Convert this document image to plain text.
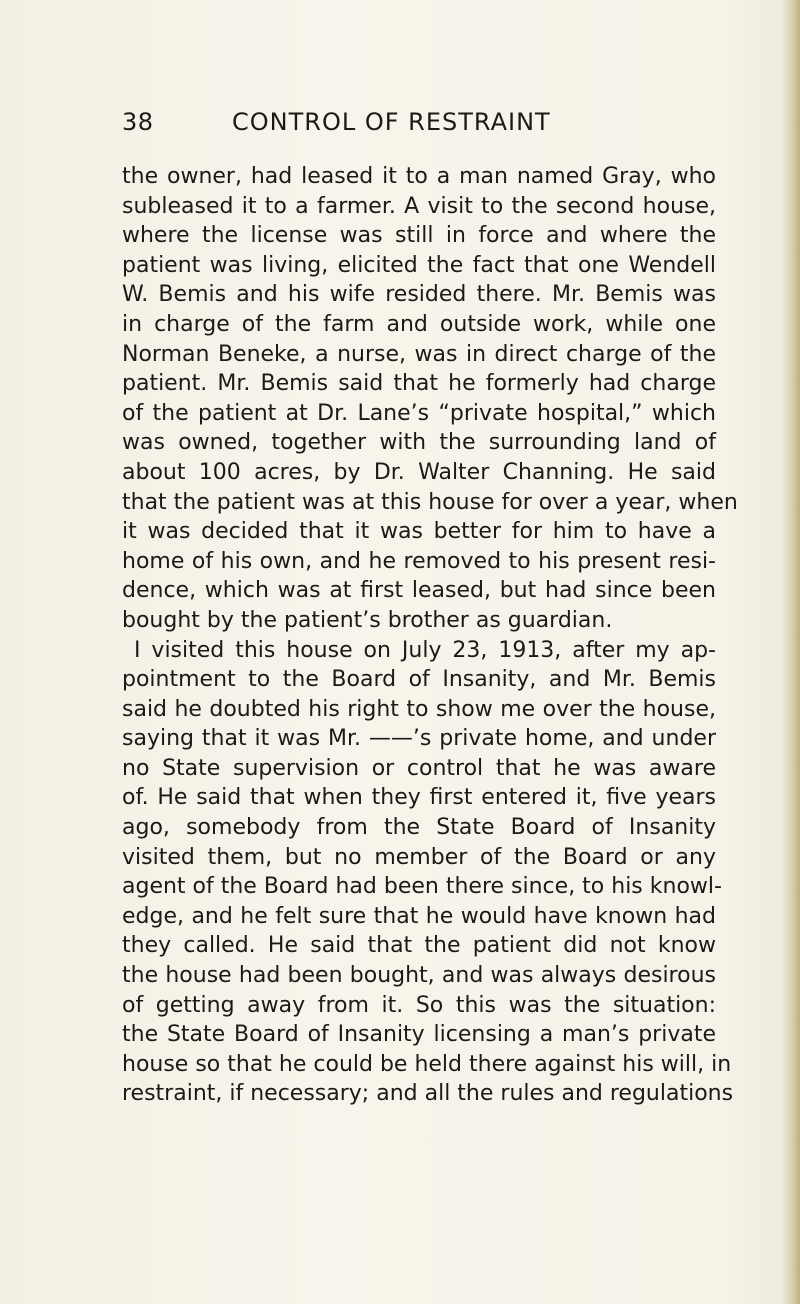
38	CONTROL OF RESTRAINT
the owner, had leased it to a man named Gray, who
subleased it to a farmer. A visit to the second house,
where the license was still in force and where the
patient was living, elicited the fact that one Wendell
W. Bemis and his wife resided there. Mr. Bemis was
in charge of the farm and outside work, while one
Norman Beneke, a nurse, was in direct charge of the
patient. Mr. Bemis said that he formerly had charge
of the patient at Dr. Lane’s “private hospital,” which
was owned, together with the surrounding land of
about 100 acres, by Dr. Walter Channing. He said
that the patient was at this house for over a year, when
it was decided that it was better for him to have a
home of his own, and he removed to his present resi-
dence, which was at first leased, but had since been
bought by the patient’s brother as guardian.
I visited this house on July 23, 1913, after my ap-
pointment to the Board of Insanity, and Mr. Bemis
said he doubted his right to show me over the house,
saying that it was Mr. ——’s private home, and under
no State supervision or control that he was aware
of. He said that when they first entered it, five years
ago, somebody from the State Board of Insanity
visited them, but no member of the Board or any
agent of the Board had been there since, to his knowl-
edge, and he felt sure that he would have known had
they called. He said that the patient did not know
the house had been bought, and was always desirous
of getting away from it. So this was the situation:
the State Board of Insanity licensing a man’s private
house so that he could be held there against his will, in
restraint, if necessary; and all the rules and regulations
